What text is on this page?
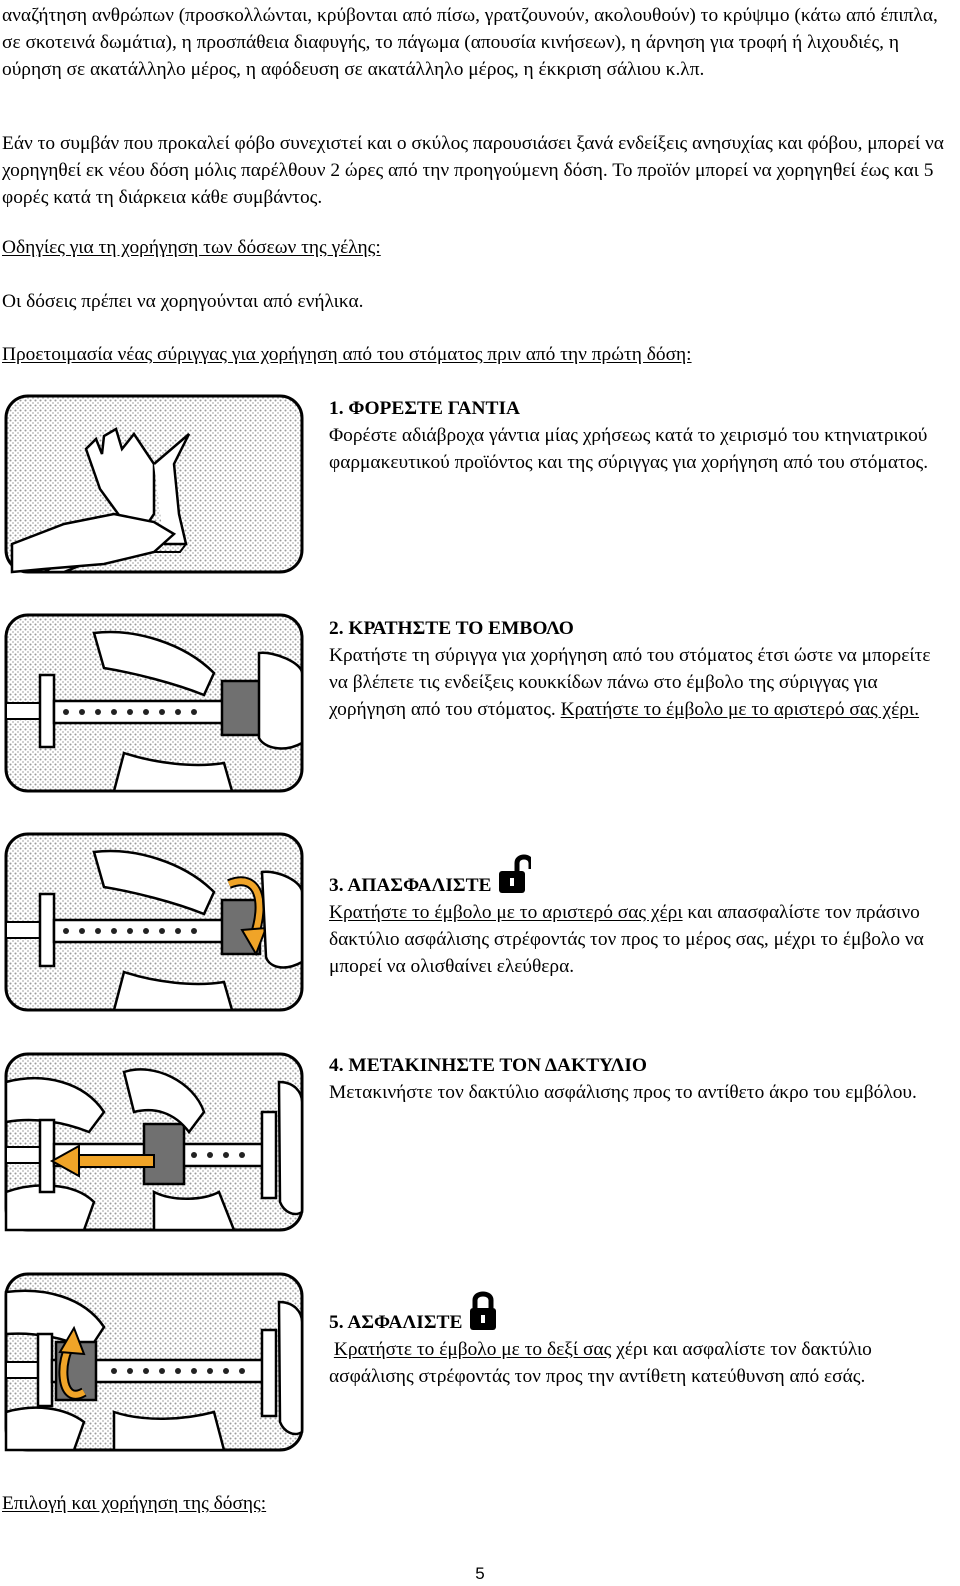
αναζήτηση ανθρώπων (προσκολλώνται, κρύβονται από πίσω, γρατζουνούν, ακολουθούν) το κρύψιμο (κάτω από έπιπλα, σε σκοτεινά δωμάτια), η προσπάθεια διαφυγής, το πάγωμα (απουσία κινήσεων), η άρνηση για τροφή ή λιχουδιές, η ούρηση σε ακατάλληλο μέρος, η αφόδευση σε ακατάλληλο μέρος, η έκκριση σάλιου κ.λπ.

Εάν το συμβάν που προκαλεί φόβο συνεχιστεί και ο σκύλος παρουσιάσει ξανά ενδείξεις ανησυχίας και φόβου, μπορεί να χορηγηθεί εκ νέου δόση μόλις παρέλθουν 2 ώρες από την προηγούμενη δόση. Το προϊόν μπορεί να χορηγηθεί έως και 5 φορές κατά τη διάρκεια κάθε συμβάντος.

Οδηγίες για τη χορήγηση των δόσεων της γέλης:

Οι δόσεις πρέπει να χορηγούνται από ενήλικα.

Προετοιμασία νέας σύριγγας για χορήγηση από του στόματος πριν από την πρώτη δόση:

1. ΦΟΡΕΣΤΕ ΓΑΝΤΙΑ
Φορέστε αδιάβροχα γάντια μίας χρήσεως κατά το χειρισμό του κτηνιατρικού φαρμακευτικού προϊόντος και της σύριγγας για χορήγηση από του στόματος.
2. ΚΡΑΤΗΣΤΕ ΤΟ ΕΜΒΟΛΟ
Κρατήστε τη σύριγγα για χορήγηση από του στόματος έτσι ώστε να μπορείτε να βλέπετε τις ενδείξεις κουκκίδων πάνω στο έμβολο της σύριγγας για χορήγηση από του στόματος. Κρατήστε το έμβολο με το αριστερό σας χέρι.
3. ΑΠΑΣΦΑΛΙΣΤΕ
Κρατήστε το έμβολο με το αριστερό σας χέρι και απασφαλίστε τον πράσινο δακτύλιο ασφάλισης στρέφοντάς τον προς το μέρος σας, μέχρι το έμβολο να μπορεί να ολισθαίνει ελεύθερα.
4. ΜΕΤΑΚΙΝΗΣΤΕ ΤΟΝ ΔΑΚΤΥΛΙΟ
Μετακινήστε τον δακτύλιο ασφάλισης προς το αντίθετο άκρο του εμβόλου.
5. ΑΣΦΑΛΙΣΤΕ
Κρατήστε το έμβολο με το δεξί σας χέρι και ασφαλίστε τον δακτύλιο ασφάλισης στρέφοντάς τον προς την αντίθετη κατεύθυνση από εσάς.

Επιλογή και χορήγηση της δόσης:

5
